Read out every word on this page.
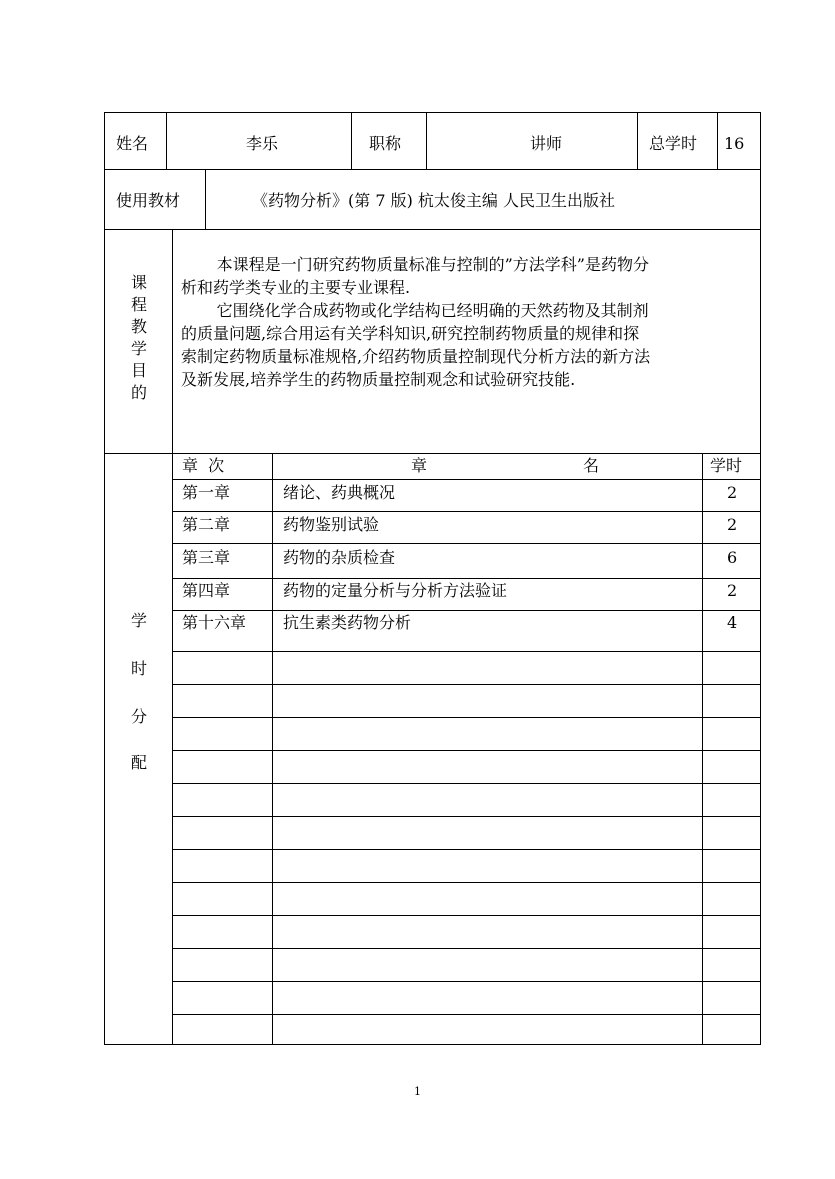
姓名	李乐	职称	讲师	总学时 16
使用教材	《药物分析》(第 7 版) 杭太俊主编 人民卫生出版社
课
程
教
学
目
的
本课程是一门研究药物质量标准与控制的”方法学科”是药物分
析和药学类专业的主要专业课程.
它围绕化学合成药物或化学结构已经明确的天然药物及其制剂
的质量问题,综合用运有关学科知识,研究控制药物质量的规律和探
索制定药物质量标准规格,介绍药物质量控制现代分析方法的新方法
及新发展,培养学生的药物质量控制观念和试验研究技能.
学
时
分
配
章  次	章	名	学时
第一章	绪论、药典概况	2
第二章	药物鉴别试验	2
第三章	药物的杂质检查	6
第四章	药物的定量分析与分析方法验证	2
第十六章 抗生素类药物分析	4
1
